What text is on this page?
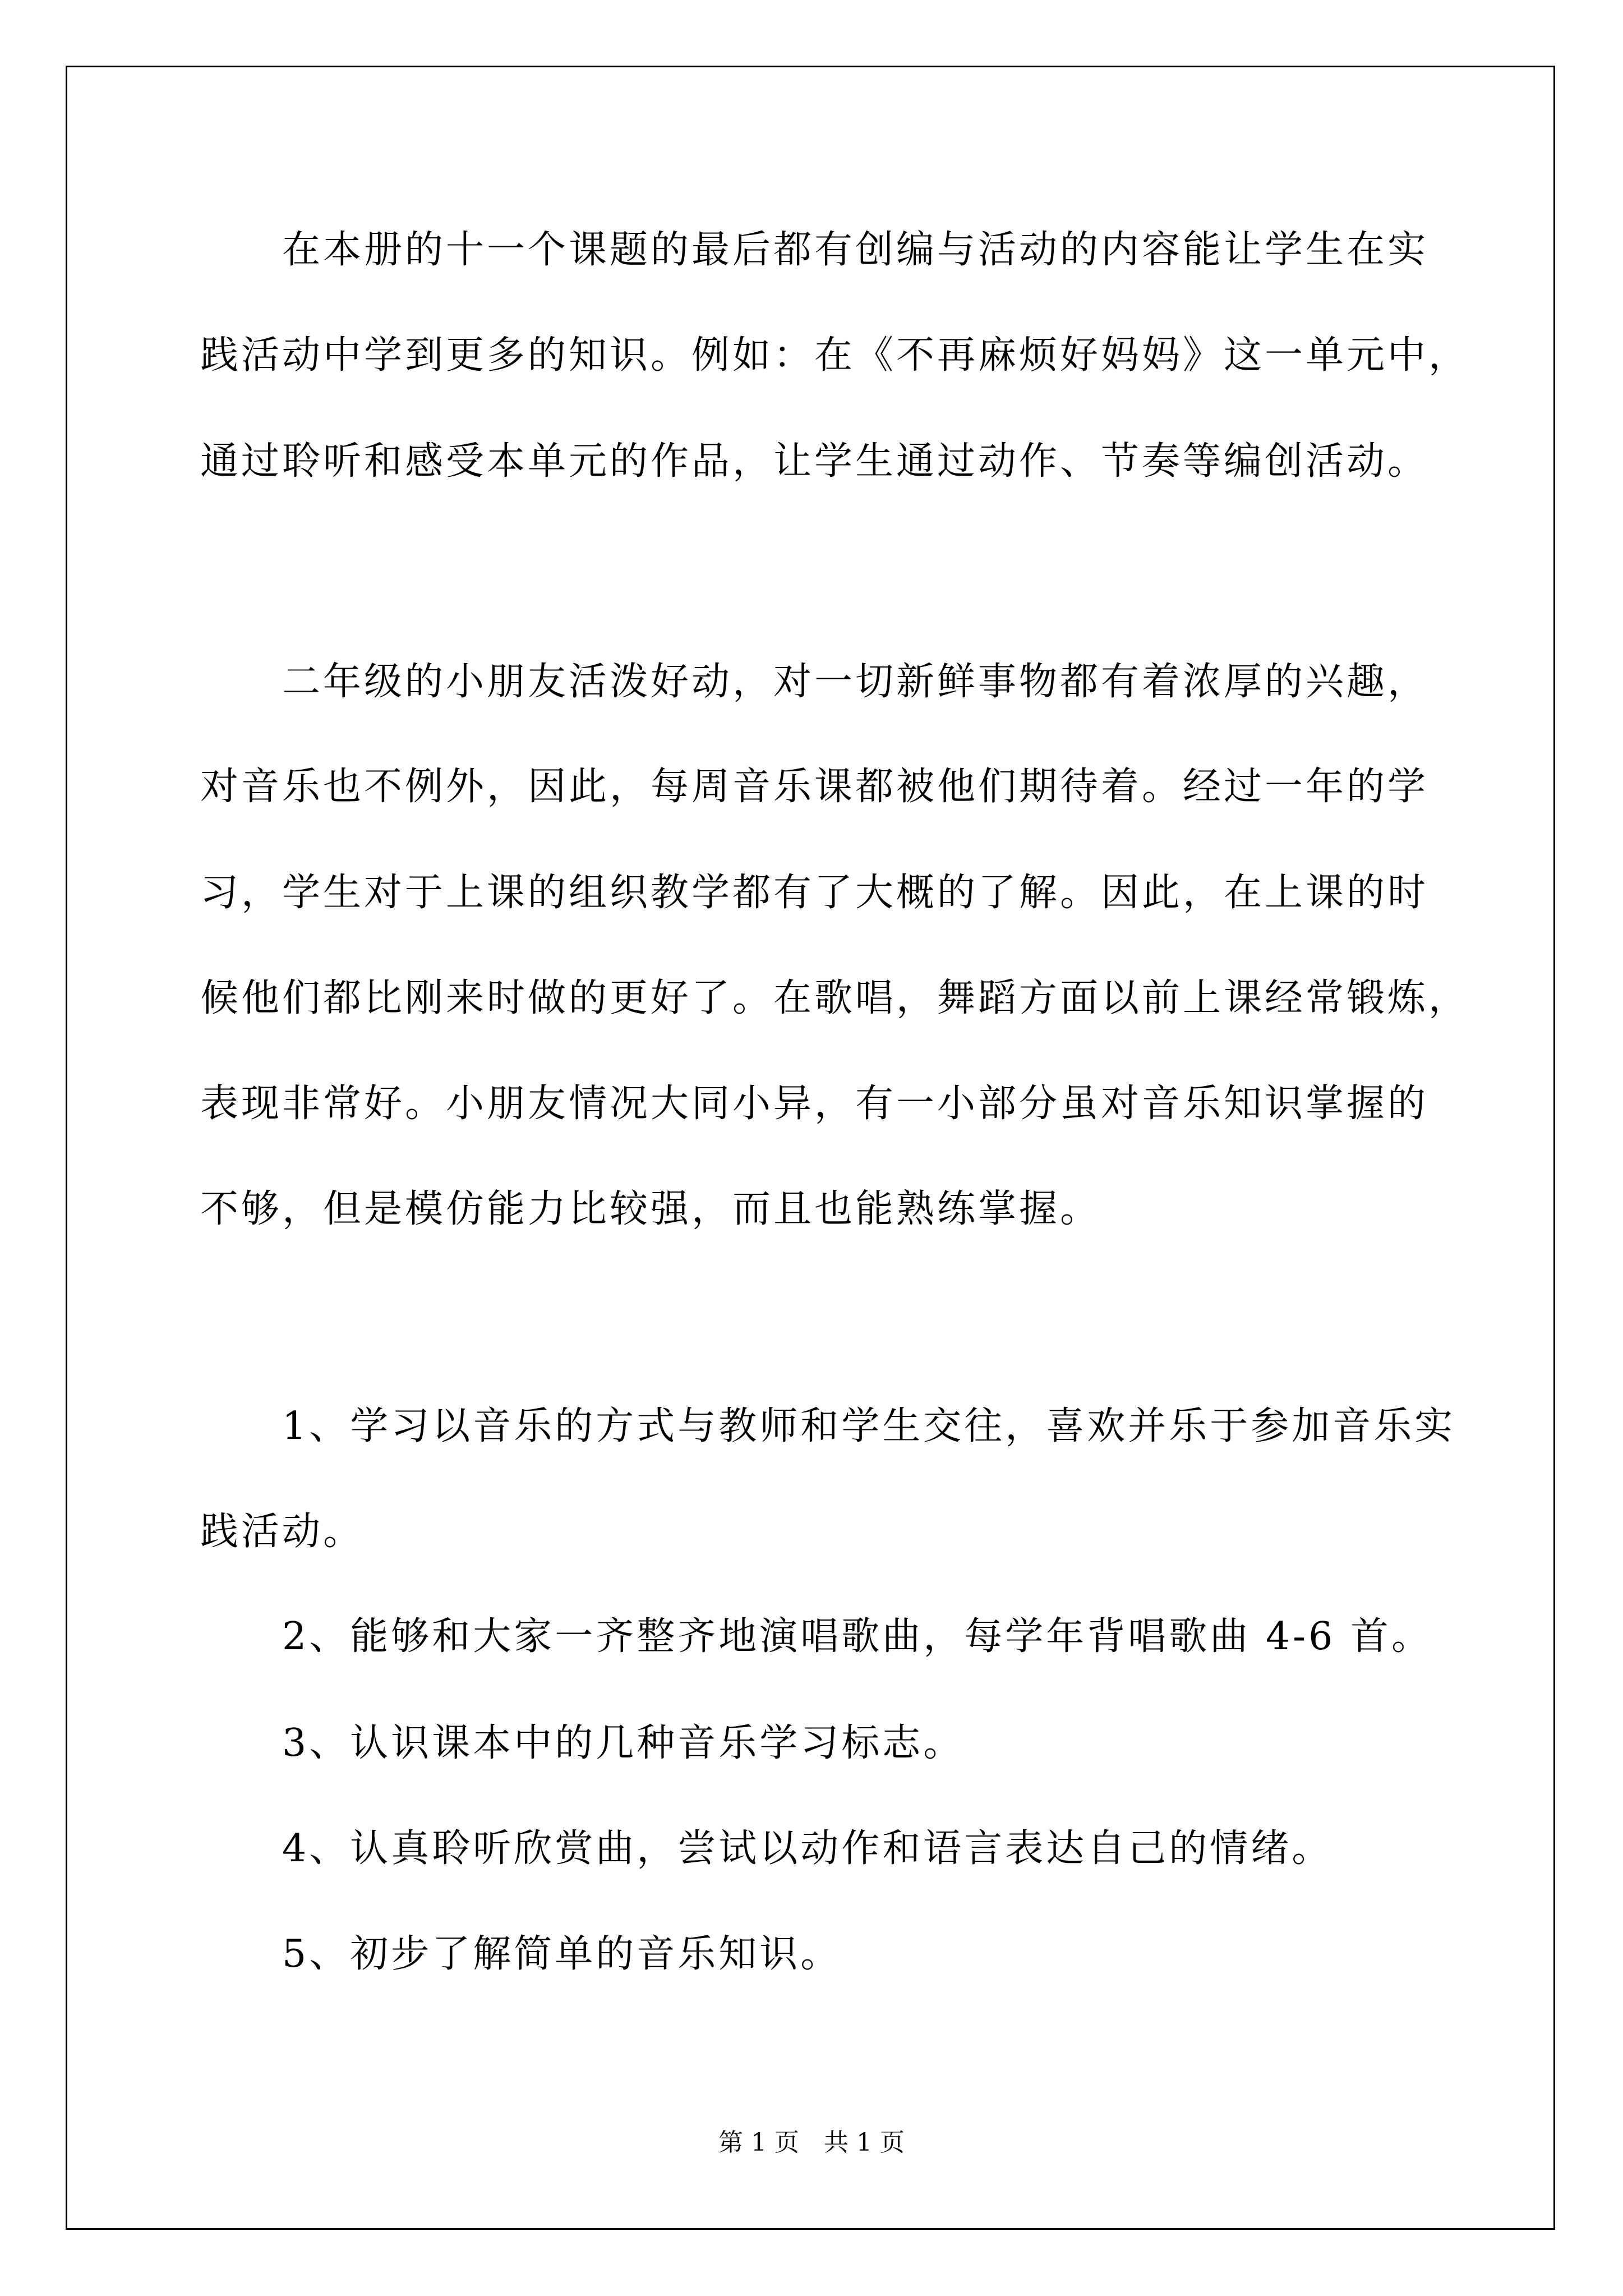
　　在本册的十一个课题的最后都有创编与活动的内容能让学生在实
践活动中学到更多的知识。例如：在《不再麻烦好妈妈》这一单元中，
通过聆听和感受本单元的作品，让学生通过动作、节奏等编创活动。
　　二年级的小朋友活泼好动，对一切新鲜事物都有着浓厚的兴趣，
对音乐也不例外，因此，每周音乐课都被他们期待着。经过一年的学
习，学生对于上课的组织教学都有了大概的了解。因此，在上课的时
候他们都比刚来时做的更好了。在歌唱，舞蹈方面以前上课经常锻炼，
表现非常好。小朋友情况大同小异，有一小部分虽对音乐知识掌握的
不够，但是模仿能力比较强，而且也能熟练掌握。
　　1、学习以音乐的方式与教师和学生交往，喜欢并乐于参加音乐实
践活动。
　　2、能够和大家一齐整齐地演唱歌曲，每学年背唱歌曲 4-6 首。
　　3、认识课本中的几种音乐学习标志。
　　4、认真聆听欣赏曲，尝试以动作和语言表达自己的情绪。
　　5、初步了解简单的音乐知识。
第 1 页　共 1 页
